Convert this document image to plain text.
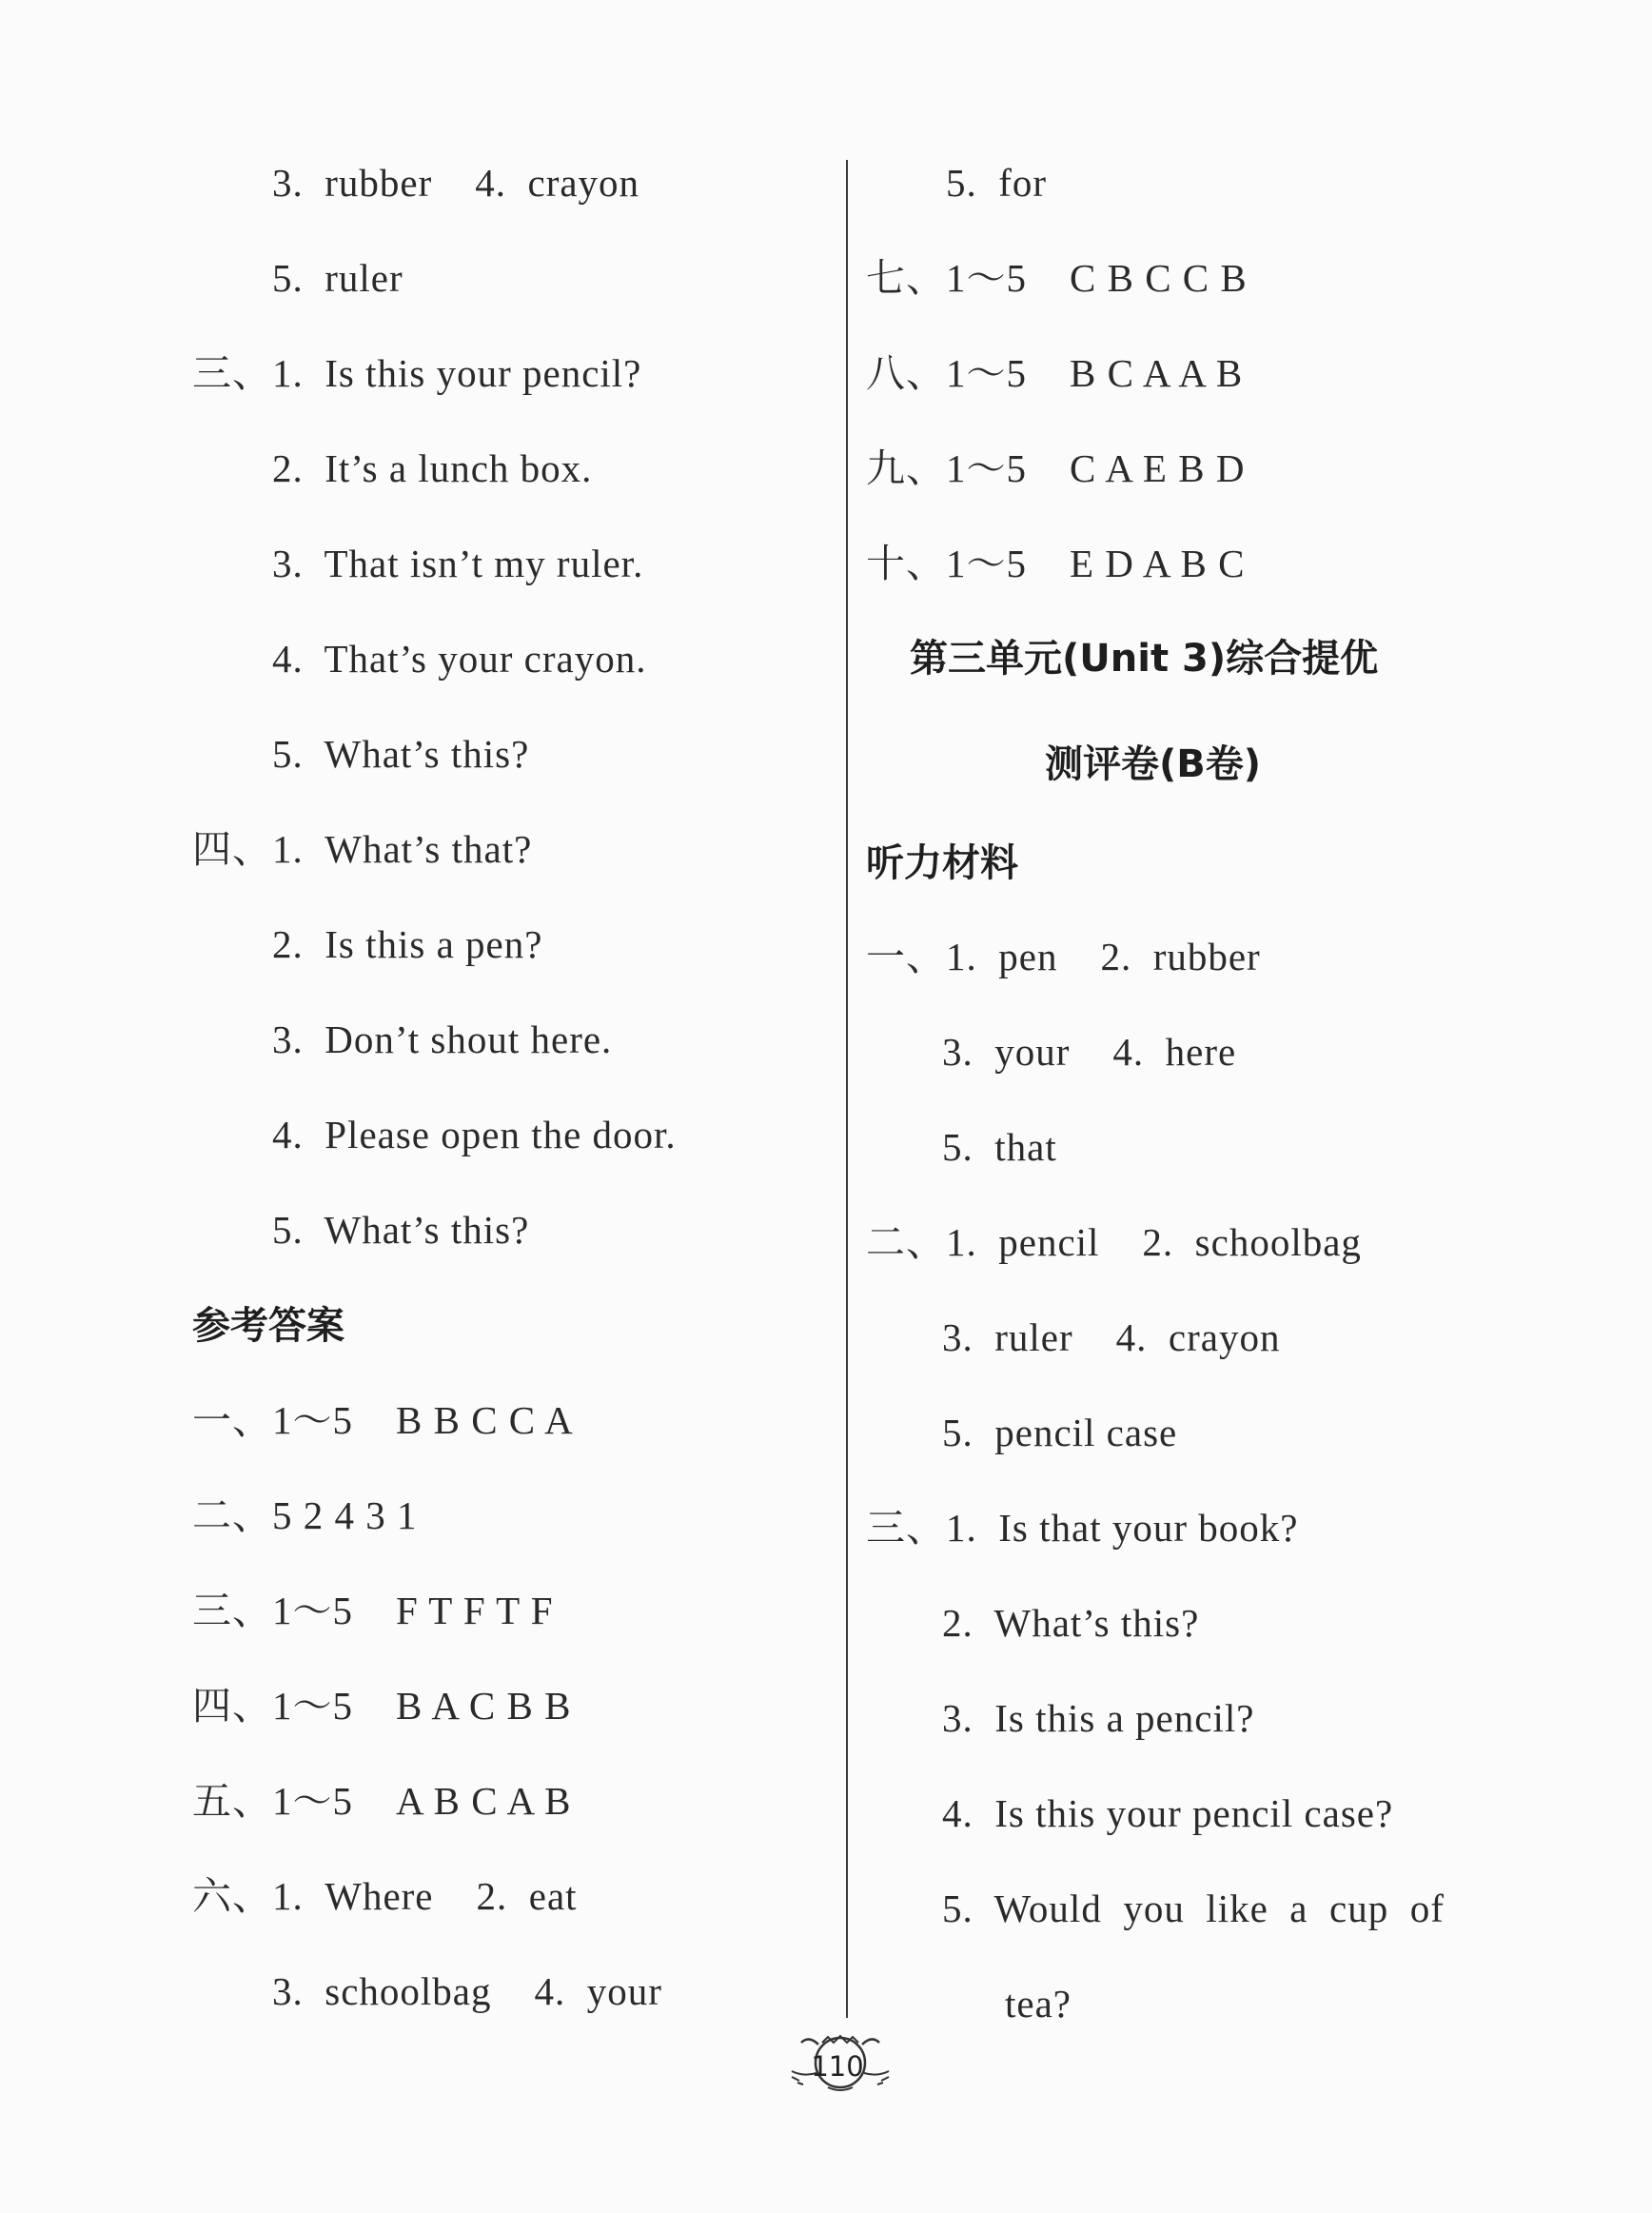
3.  rubber    4.  crayon
5.  ruler
三、1.  Is this your pencil?
2.  It’s a lunch box.
3.  That isn’t my ruler.
4.  That’s your crayon.
5.  What’s this?
四、1.  What’s that?
2.  Is this a pen?
3.  Don’t shout here.
4.  Please open the door.
5.  What’s this?
参考答案
一、1～5    B B C C A
二、5 2 4 3 1
三、1～5    F T F T F
四、1～5    B A C B B
五、1～5    A B C A B
六、1.  Where    2.  eat
3.  schoolbag    4.  your
5.  for
七、1～5    C B C C B
八、1～5    B C A A B
九、1～5    C A E B D
十、1～5    E D A B C
第三单元(Unit 3)综合提优
测评卷(B卷)
听力材料
一、1.  pen    2.  rubber
3.  your    4.  here
5.  that
二、1.  pencil    2.  schoolbag
3.  ruler    4.  crayon
5.  pencil case
三、1.  Is that your book?
2.  What’s this?
3.  Is this a pencil?
4.  Is this your pencil case?
5.  Would  you  like  a  cup  of
tea?
110
